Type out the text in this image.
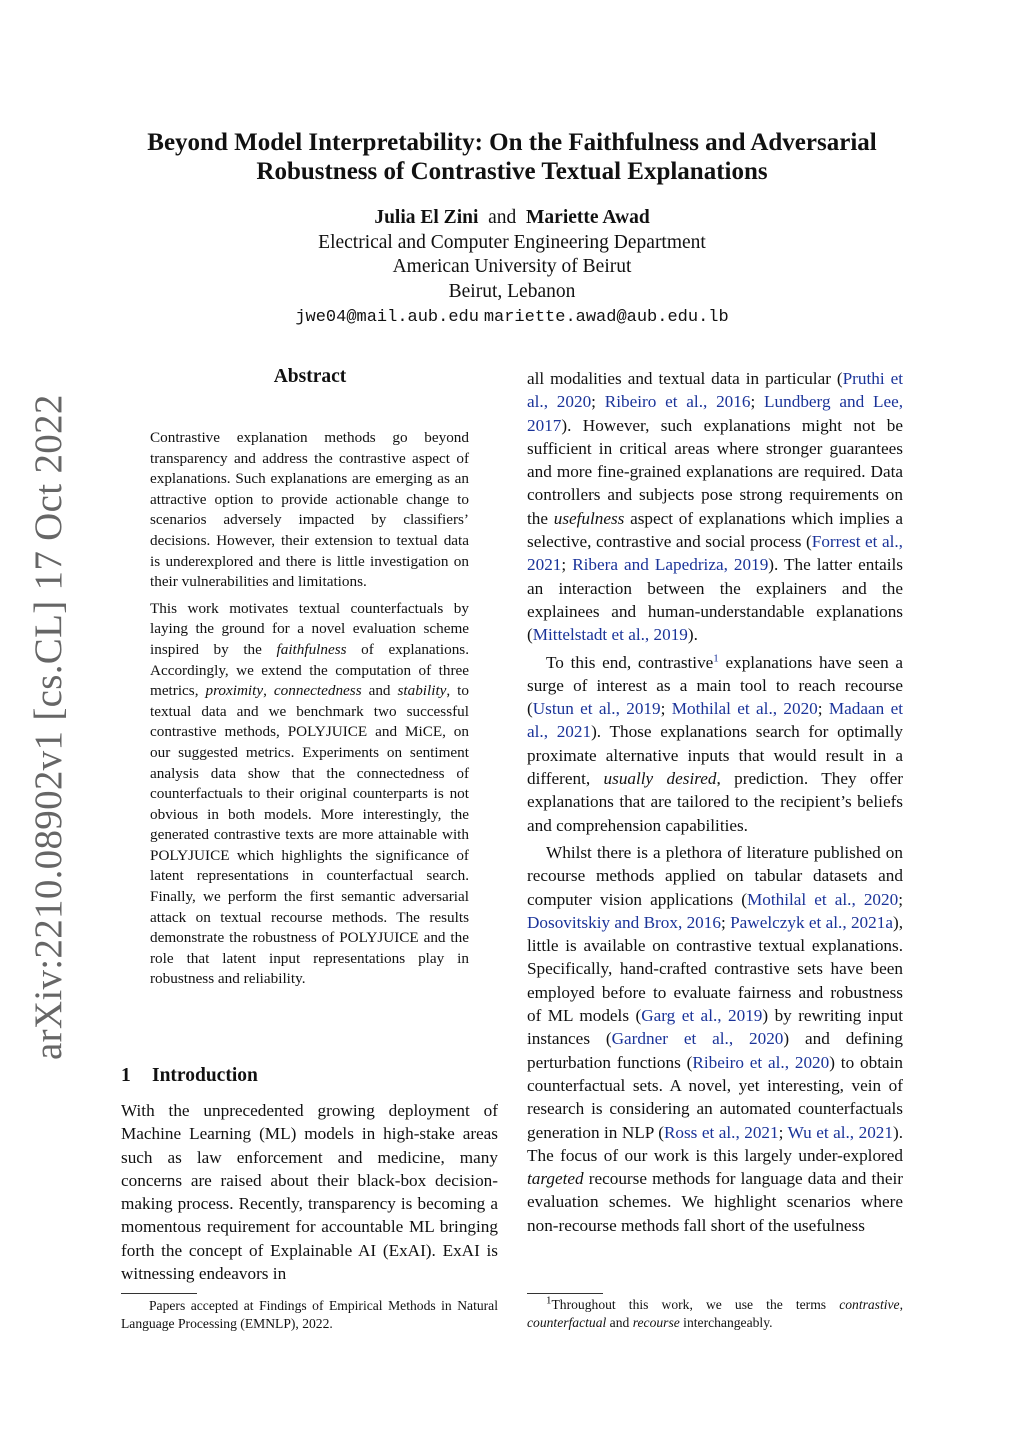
arXiv:2210.08902v1 [cs.CL] 17 Oct 2022
Beyond Model Interpretability: On the Faithfulness and Adversarial
Robustness of Contrastive Textual Explanations
Julia El Zini and Mariette Awad
Electrical and Computer Engineering Department
American University of Beirut
Beirut, Lebanon
jwe04@mail.aub.edu mariette.awad@aub.edu.lb
Abstract

Contrastive explanation methods go beyond transparency and address the contrastive aspect of explanations. Such explanations are emerging as an attractive option to provide actionable change to scenarios adversely impacted by classifiers’ decisions. However, their extension to textual data is underexplored and there is little investigation on their vulnerabilities and limitations.

This work motivates textual counterfactuals by laying the ground for a novel evaluation scheme inspired by the faithfulness of explanations. Accordingly, we extend the computation of three metrics, proximity, connectedness and stability, to textual data and we benchmark two successful contrastive methods, POLYJUICE and MiCE, on our suggested metrics. Experiments on sentiment analysis data show that the connectedness of counterfactuals to their original counterparts is not obvious in both models. More interestingly, the generated contrastive texts are more attainable with POLYJUICE which highlights the significance of latent representations in counterfactual search. Finally, we perform the first semantic adversarial attack on textual recourse methods. The results demonstrate the robustness of POLYJUICE and the role that latent input representations play in robustness and reliability.

1 Introduction

With the unprecedented growing deployment of Machine Learning (ML) models in high-stake areas such as law enforcement and medicine, many concerns are raised about their black-box decision-making process. Recently, transparency is becoming a momentous requirement for accountable ML bringing forth the concept of Explainable AI (ExAI). ExAI is witnessing endeavors in

all modalities and textual data in particular (Pruthi et al., 2020; Ribeiro et al., 2016; Lundberg and Lee, 2017). However, such explanations might not be sufficient in critical areas where stronger guarantees and more fine-grained explanations are required. Data controllers and subjects pose strong requirements on the usefulness aspect of explanations which implies a selective, contrastive and social process (Forrest et al., 2021; Ribera and Lapedriza, 2019). The latter entails an interaction between the explainers and the explainees and human-understandable explanations (Mittelstadt et al., 2019).

To this end, contrastive$^1$ explanations have seen a surge of interest as a main tool to reach recourse (Ustun et al., 2019; Mothilal et al., 2020; Madaan et al., 2021). Those explanations search for optimally proximate alternative inputs that would result in a different, usually desired, prediction. They offer explanations that are tailored to the recipient’s beliefs and comprehension capabilities.

Whilst there is a plethora of literature published on recourse methods applied on tabular datasets and computer vision applications (Mothilal et al., 2020; Dosovitskiy and Brox, 2016; Pawelczyk et al., 2021a), little is available on contrastive textual explanations. Specifically, hand-crafted contrastive sets have been employed before to evaluate fairness and robustness of ML models (Garg et al., 2019) by rewriting input instances (Gardner et al., 2020) and defining perturbation functions (Ribeiro et al., 2020) to obtain counterfactual sets. A novel, yet interesting, vein of research is considering an automated counterfactuals generation in NLP (Ross et al., 2021; Wu et al., 2021). The focus of our work is this largely under-explored targeted recourse methods for language data and their evaluation schemes. We highlight scenarios where non-recourse methods fall short of the usefulness

Papers accepted at Findings of Empirical Methods in Natural Language Processing (EMNLP), 2022.
$^1$Throughout this work, we use the terms contrastive, counterfactual and recourse interchangeably.
